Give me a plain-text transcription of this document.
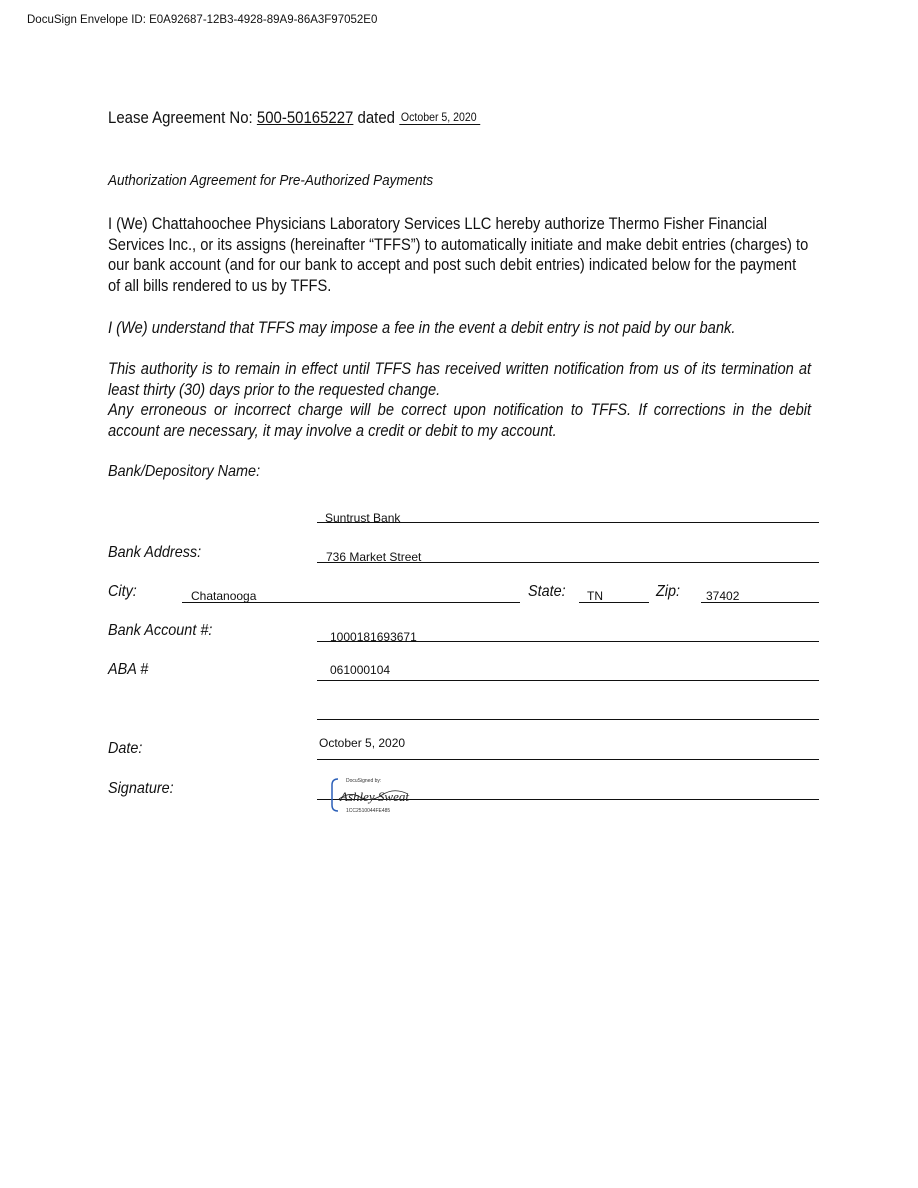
DocuSign Envelope ID: E0A92687-12B3-4928-89A9-86A3F97052E0
Lease Agreement No: 500-50165227 dated October 5, 2020
Authorization Agreement for Pre-Authorized Payments
I (We) Chattahoochee Physicians Laboratory Services LLC hereby authorize Thermo Fisher Financial Services Inc., or its assigns (hereinafter “TFFS”) to automatically initiate and make debit entries (charges) to our bank account (and for our bank to accept and post such debit entries) indicated below for the payment of all bills rendered to us by TFFS.
I (We) understand that TFFS may impose a fee in the event a debit entry is not paid by our bank.
This authority is to remain in effect until TFFS has received written notification from us of its termination at least thirty (30) days prior to the requested change.
Any erroneous or incorrect charge will be correct upon notification to TFFS. If corrections in the debit account are necessary, it may involve a credit or debit to my account.
Bank/Depository Name:
Suntrust Bank
Bank Address:	736 Market Street
City:	Chatanooga	State: TN	Zip: 37402
Bank Account #:	1000181693671
ABA #	061000104
Date:	October 5, 2020
Signature:	DocuSigned by:
Ashley Sweat
1CC2510044FE485
